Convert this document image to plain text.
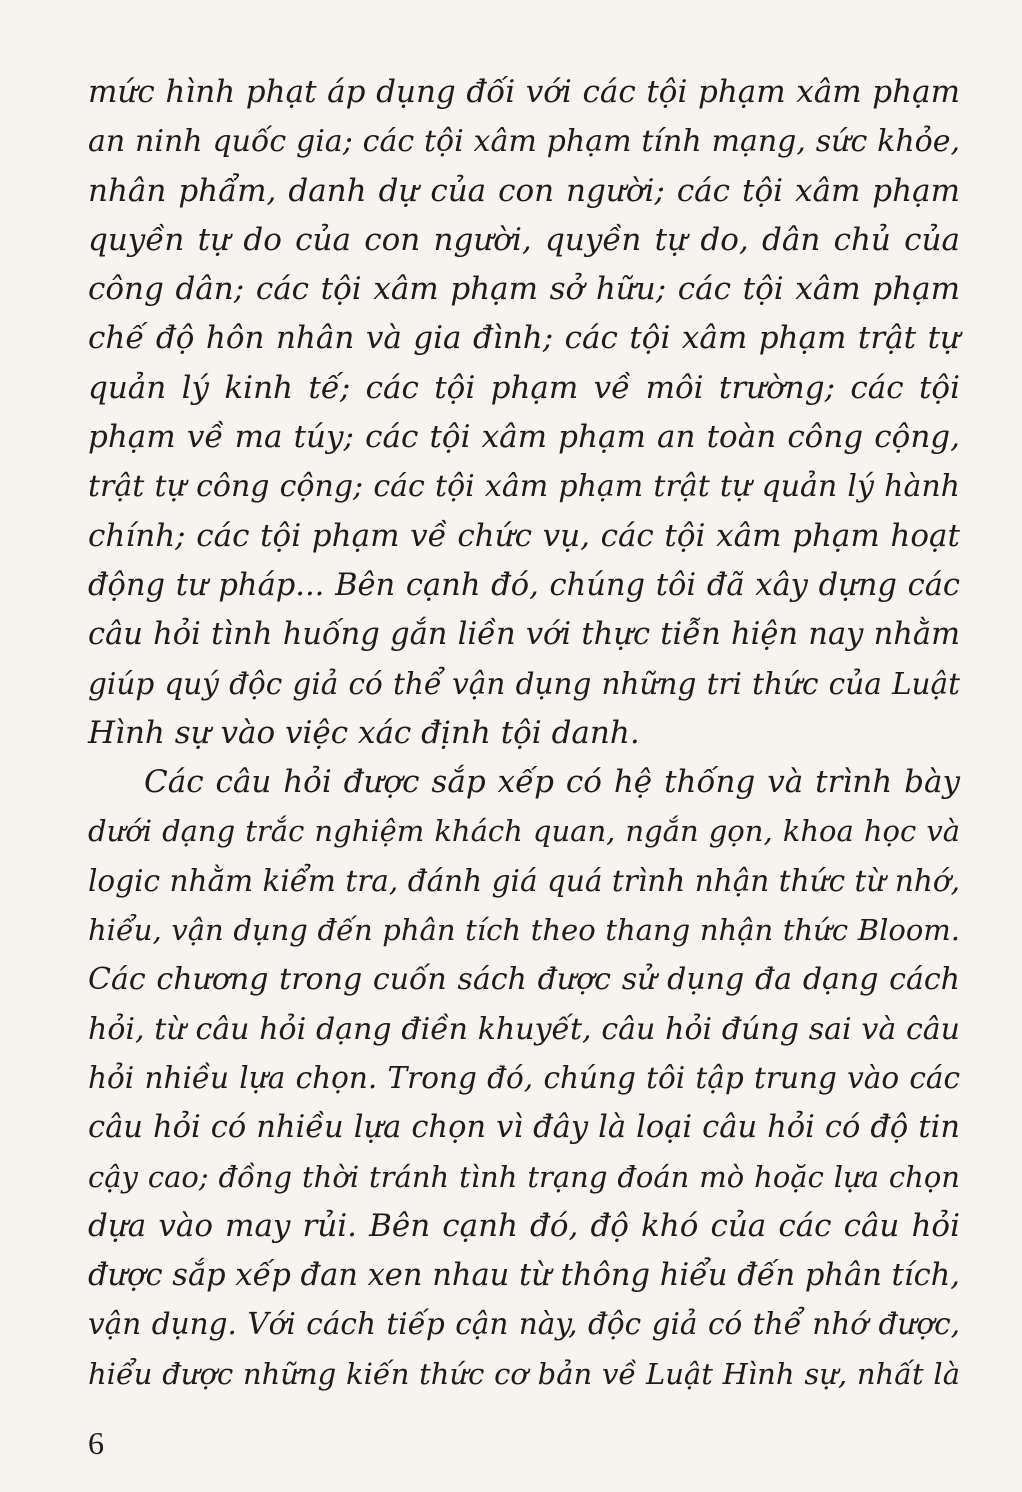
mức hình phạt áp dụng đối với các tội phạm xâm phạm
an ninh quốc gia; các tội xâm phạm tính mạng, sức khỏe,
nhân phẩm, danh dự của con người; các tội xâm phạm
quyền tự do của con người, quyền tự do, dân chủ của
công dân; các tội xâm phạm sở hữu; các tội xâm phạm
chế độ hôn nhân và gia đình; các tội xâm phạm trật tự
quản lý kinh tế; các tội phạm về môi trường; các tội
phạm về ma túy; các tội xâm phạm an toàn công cộng,
trật tự công cộng; các tội xâm phạm trật tự quản lý hành
chính; các tội phạm về chức vụ, các tội xâm phạm hoạt
động tư pháp... Bên cạnh đó, chúng tôi đã xây dựng các
câu hỏi tình huống gắn liền với thực tiễn hiện nay nhằm
giúp quý độc giả có thể vận dụng những tri thức của Luật
Hình sự vào việc xác định tội danh.
Các câu hỏi được sắp xếp có hệ thống và trình bày
dưới dạng trắc nghiệm khách quan, ngắn gọn, khoa học và
logic nhằm kiểm tra, đánh giá quá trình nhận thức từ nhớ,
hiểu, vận dụng đến phân tích theo thang nhận thức Bloom.
Các chương trong cuốn sách được sử dụng đa dạng cách
hỏi, từ câu hỏi dạng điền khuyết, câu hỏi đúng sai và câu
hỏi nhiều lựa chọn. Trong đó, chúng tôi tập trung vào các
câu hỏi có nhiều lựa chọn vì đây là loại câu hỏi có độ tin
cậy cao; đồng thời tránh tình trạng đoán mò hoặc lựa chọn
dựa vào may rủi. Bên cạnh đó, độ khó của các câu hỏi
được sắp xếp đan xen nhau từ thông hiểu đến phân tích,
vận dụng. Với cách tiếp cận này, độc giả có thể nhớ được,
hiểu được những kiến thức cơ bản về Luật Hình sự, nhất là
6
